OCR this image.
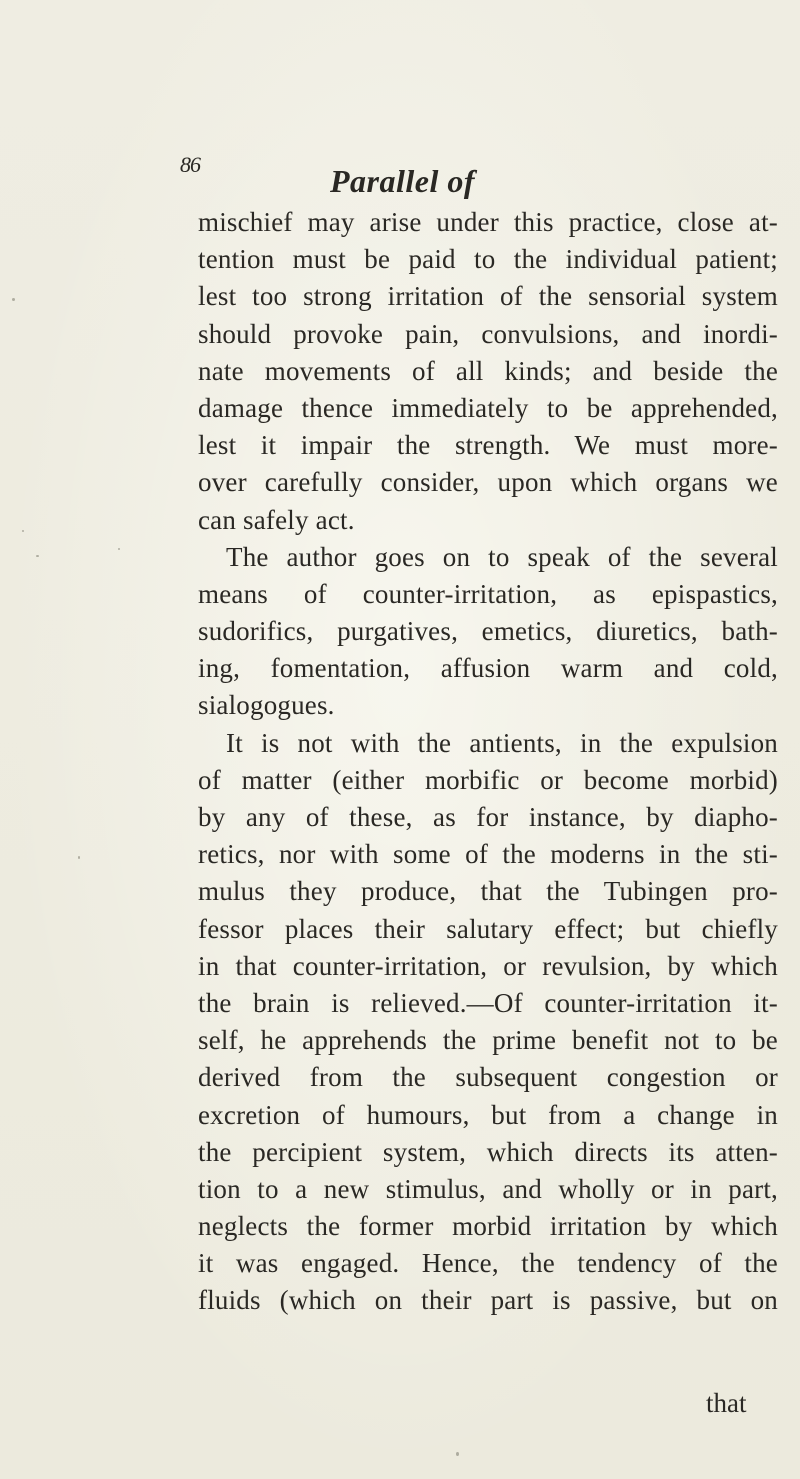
86	Parallel of
mischief may arise under this practice, close at-
tention must be paid to the individual patient;
lest too strong irritation of the sensorial system
should provoke pain, convulsions, and inordi-
nate movements of all kinds; and beside the
damage thence immediately to be apprehended,
lest it impair the strength. We must more-
over carefully consider, upon which organs we
can safely act.
The author goes on to speak of the several
means of counter-irritation, as epispastics,
sudorifics, purgatives, emetics, diuretics, bath-
ing, fomentation, affusion warm and cold,
sialogogues.
It is not with the antients, in the expulsion
of matter (either morbific or become morbid)
by any of these, as for instance, by diapho-
retics, nor with some of the moderns in the sti-
mulus they produce, that the Tubingen pro-
fessor places their salutary effect; but chiefly
in that counter-irritation, or revulsion, by which
the brain is relieved.—Of counter-irritation it-
self, he apprehends the prime benefit not to be
derived from the subsequent congestion or
excretion of humours, but from a change in
the percipient system, which directs its atten-
tion to a new stimulus, and wholly or in part,
neglects the former morbid irritation by which
it was engaged. Hence, the tendency of the
fluids (which on their part is passive, but on
that
